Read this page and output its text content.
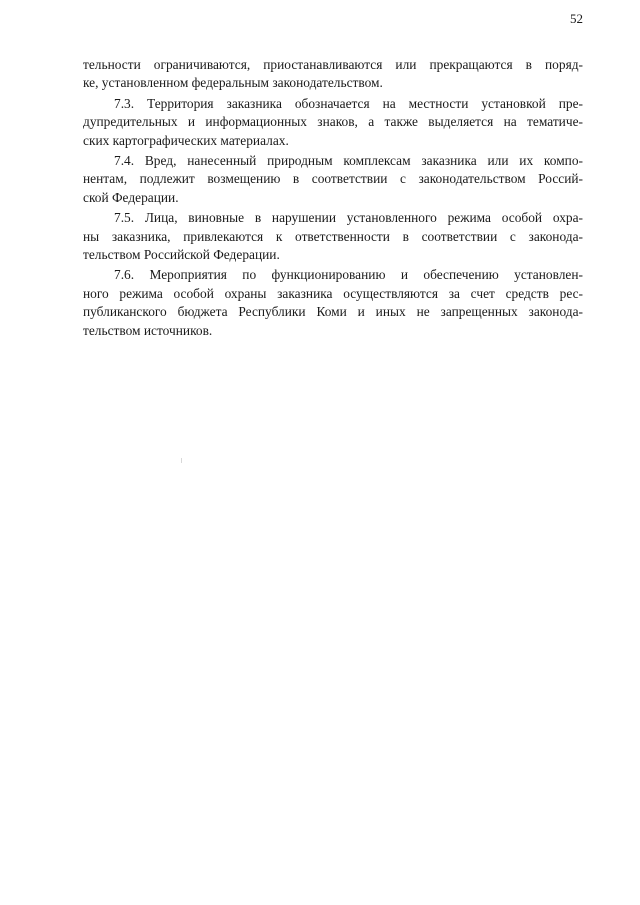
52
тельности ограничиваются, приостанавливаются или прекращаются в поряд-
ке, установленном федеральным законодательством.
7.3. Территория заказника обозначается на местности установкой пре-
дупредительных и информационных знаков, а также выделяется на тематиче-
ских картографических материалах.
7.4. Вред, нанесенный природным комплексам заказника или их компо-
нентам, подлежит возмещению в соответствии с законодательством Россий-
ской Федерации.
7.5. Лица, виновные в нарушении установленного режима особой охра-
ны заказника, привлекаются к ответственности в соответствии с законода-
тельством Российской Федерации.
7.6. Мероприятия по функционированию и обеспечению установлен-
ного режима особой охраны заказника осуществляются за счет средств рес-
публиканского бюджета Республики Коми и иных не запрещенных законода-
тельством источников.
